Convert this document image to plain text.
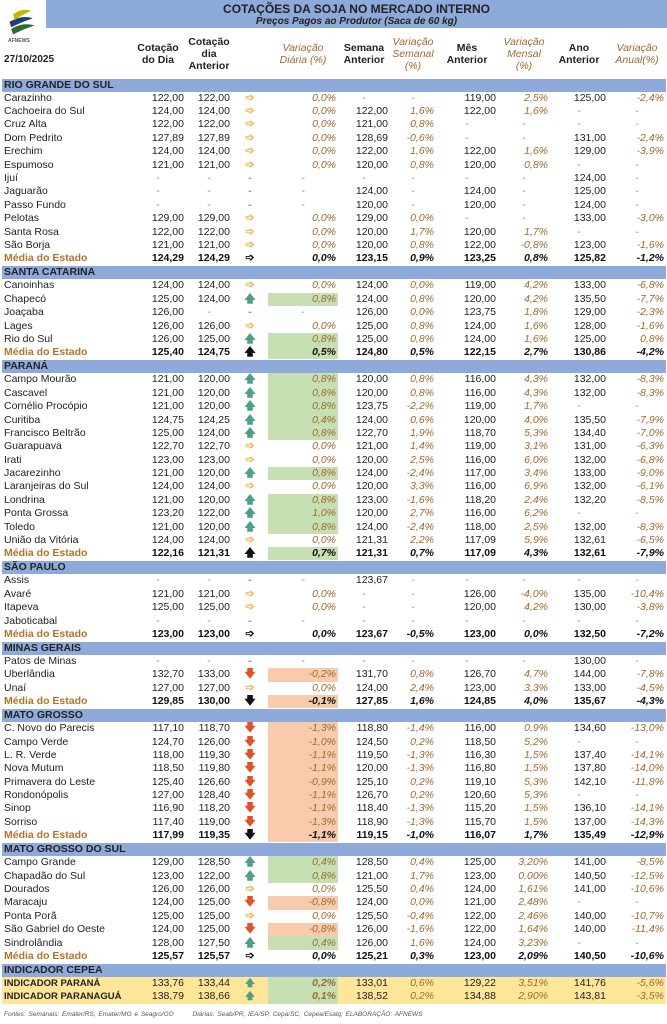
AFNEWS
COTAÇÕES DA SOJA NO MERCADO INTERNO
Preços Pagos ao Produtor (Saca de 60 kg)
27/10/2025	Cotação do Dia	Cotação dia Anterior		Variação Diária (%)	Semana Anterior	Variação Semanal (%)	Mês Anterior	Variação Mensal (%)	Ano Anterior	Variação Anual(%)
RIO GRANDE DO SUL										
Carazinho	122,00	122,00	➩	0,0%	-	-	119,00	2,5%	125,00	-2,4%
Cachoeira do Sul	124,00	124,00	➩	0,0%	122,00	1,6%	122,00	1,6%	-	-
Cruz Alta	122,00	122,00	➩	0,0%	121,00	0,8%	-	-	-	-
Dom Pedrito	127,89	127,89	➩	0,0%	128,69	-0,6%	-	-	131,00	-2,4%
Erechim	124,00	124,00	➩	0,0%	122,00	1,6%	122,00	1,6%	129,00	-3,9%
Espumoso	121,00	121,00	➩	0,0%	120,00	0,8%	120,00	0,8%	-	-
Ijuí	-	-	-	-	-	-	-	-	124,00	-
Jaguarão	-	-	-	-	124,00	-	124,00	-	125,00	-
Passo Fundo	-	-	-	-	120,00	-	120,00	-	124,00	-
Pelotas	129,00	129,00	➩	0,0%	129,00	0,0%	-	-	133,00	-3,0%
Santa Rosa	122,00	122,00	➩	0,0%	120,00	1,7%	120,00	1,7%	-	-
São Borja	121,00	121,00	➩	0,0%	120,00	0,8%	122,00	-0,8%	123,00	-1,6%
Média do Estado	124,29	124,29	➩	0,0%	123,15	0,9%	123,25	0,8%	125,82	-1,2%
SANTA CATARINA										
Canoinhas	124,00	124,00	➩	0,0%	124,00	0,0%	119,00	4,2%	133,00	-6,8%
Chapecó	125,00	124,00	🡅	0,8%	124,00	0,8%	120,00	4,2%	135,50	-7,7%
Joaçaba	126,00	-	-	-	126,00	0,0%	123,75	1,8%	129,00	-2,3%
Lages	126,00	126,00	➩	0,0%	125,00	0,8%	124,00	1,6%	128,00	-1,6%
Rio do Sul	126,00	125,00	🡅	0,8%	125,00	0,8%	124,00	1,6%	125,00	0,8%
Média do Estado	125,40	124,75	🡅	0,5%	124,80	0,5%	122,15	2,7%	130,86	-4,2%
PARANÁ										
Campo Mourão	121,00	120,00	🡅	0,8%	120,00	0,8%	116,00	4,3%	132,00	-8,3%
Cascavel	121,00	120,00	🡅	0,8%	120,00	0,8%	116,00	4,3%	132,00	-8,3%
Cornélio Procópio	121,00	120,00	🡅	0,8%	123,75	-2,2%	119,00	1,7%	-	-
Curitiba	124,75	124,25	🡅	0,4%	124,00	0,6%	120,00	4,0%	135,50	-7,9%
Francisco Beltrão	125,00	124,00	🡅	0,8%	122,70	1,9%	118,70	5,3%	134,40	-7,0%
Guarapuava	122,70	122,70	➩	0,0%	121,00	1,4%	119,00	3,1%	131,00	-6,3%
Irati	123,00	123,00	➩	0,0%	120,00	2,5%	116,00	6,0%	132,00	-6,8%
Jacarezinho	121,00	120,00	🡅	0,8%	124,00	-2,4%	117,00	3,4%	133,00	-9,0%
Laranjeiras do Sul	124,00	124,00	➩	0,0%	120,00	3,3%	116,00	6,9%	132,00	-6,1%
Londrina	121,00	120,00	🡅	0,8%	123,00	-1,6%	118,20	2,4%	132,20	-8,5%
Ponta Grossa	123,20	122,00	🡅	1,0%	120,00	2,7%	116,00	6,2%	-	-
Toledo	121,00	120,00	🡅	0,8%	124,00	-2,4%	118,00	2,5%	132,00	-8,3%
União da Vitória	124,00	124,00	➩	0,0%	121,31	2,2%	117,09	5,9%	132,61	-6,5%
Média do Estado	122,16	121,31	🡅	0,7%	121,31	0,7%	117,09	4,3%	132,61	-7,9%
SÃO PAULO										
Assis	-	-	-	-	123,67	-	-	-	-	-
Avaré	121,00	121,00	➩	0,0%	-	-	126,00	-4,0%	135,00	-10,4%
Itapeva	125,00	125,00	➩	0,0%	-	-	120,00	4,2%	130,00	-3,8%
Jaboticabal	-	-	-	-	-	-	-	-	-	-
Média do Estado	123,00	123,00	➩	0,0%	123,67	-0,5%	123,00	0,0%	132,50	-7,2%
MINAS GERAIS										
Patos de Minas	-	-	-	-	-	-	-	-	130,00	-
Uberlândia	132,70	133,00	🡇	-0,2%	131,70	0,8%	126,70	4,7%	144,00	-7,8%
Unaí	127,00	127,00	➩	0,0%	124,00	2,4%	123,00	3,3%	133,00	-4,5%
Média do Estado	129,85	130,00	🡇	-0,1%	127,85	1,6%	124,85	4,0%	135,67	-4,3%
MATO GROSSO										
C. Novo do Parecis	117,10	118,70	🡇	-1,3%	118,80	-1,4%	116,00	0,9%	134,60	-13,0%
Campo Verde	124,70	126,00	🡇	-1,0%	124,50	0,2%	118,50	5,2%	-	-
L. R. Verde	118,00	119,30	🡇	-1,1%	119,50	-1,3%	116,30	1,5%	137,40	-14,1%
Nova Mutum	118,50	119,80	🡇	-1,1%	120,00	-1,3%	116,80	1,5%	137,80	-14,0%
Primavera do Leste	125,40	126,60	🡇	-0,9%	125,10	0,2%	119,10	5,3%	142,10	-11,8%
Rondonópolis	127,00	128,40	🡇	-1,1%	126,70	0,2%	120,60	5,3%	-	-
Sinop	116,90	118,20	🡇	-1,1%	118,40	-1,3%	115,20	1,5%	136,10	-14,1%
Sorriso	117,40	119,00	🡇	-1,3%	118,90	-1,3%	115,70	1,5%	137,00	-14,3%
Média do Estado	117,99	119,35	🡇	-1,1%	119,15	-1,0%	116,07	1,7%	135,49	-12,9%
MATO GROSSO DO SUL										
Campo Grande	129,00	128,50	🡅	0,4%	128,50	0,4%	125,00	3,20%	141,00	-8,5%
Chapadão do Sul	123,00	122,00	🡅	0,8%	121,00	1,7%	123,00	0,00%	140,50	-12,5%
Dourados	126,00	126,00	➩	0,0%	125,50	0,4%	124,00	1,61%	141,00	-10,6%
Maracaju	124,00	125,00	🡇	-0,8%	124,00	0,0%	121,00	2,48%	-	-
Ponta Porã	125,00	125,00	➩	0,0%	125,50	-0,4%	122,00	2,46%	140,00	-10,7%
São Gabriel do Oeste	124,00	125,00	🡇	-0,8%	126,00	-1,6%	122,00	1,64%	140,00	-11,4%
Sindrolândia	128,00	127,50	🡅	0,4%	126,00	1,6%	124,00	3,23%	-	-
Média do Estado	125,57	125,57	➩	0,0%	125,21	0,3%	123,00	2,09%	140,50	-10,6%
INDICADOR CEPEA										
INDICADOR PARANÁ	133,76	133,44	🡅	0,2%	133,01	0,6%	129,22	3,51%	141,76	-5,6%
INDICADOR PARANAGUÁ	138,79	138,66	🡅	0,1%	138,52	0,2%	134,88	2,90%	143,81	-3,5%
Fontes: Semanais: Emater/RS, Emater/MG e Seagro/GO	Diárias: Seab/PR, IEA/SP, Cepa/SC, Cepea/Esalq; ELABORAÇÃO: AFNEWS
